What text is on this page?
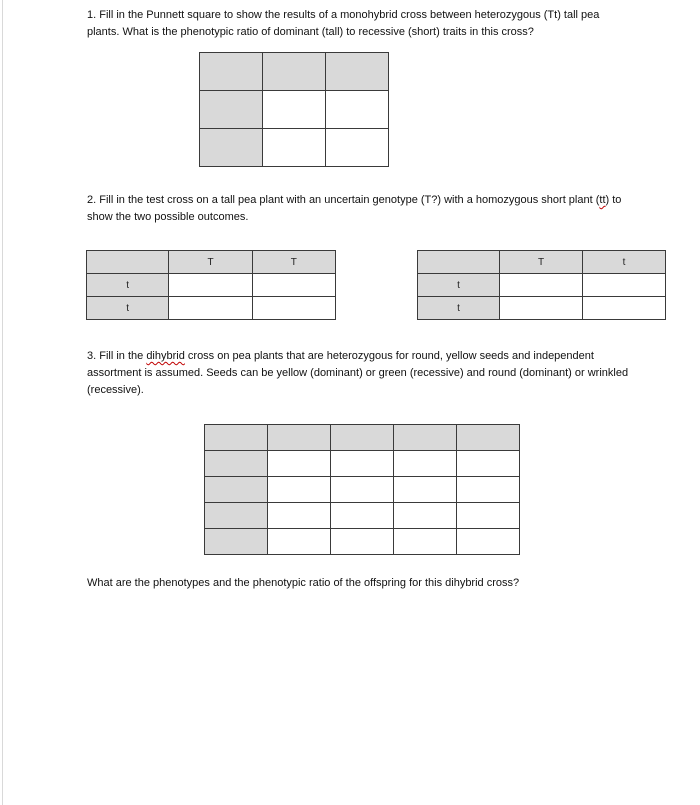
1. Fill in the Punnett square to show the results of a monohybrid cross between heterozygous (Tt) tall pea plants. What is the phenotypic ratio of dominant (tall) to recessive (short) traits in this cross?

2. Fill in the test cross on a tall pea plant with an uncertain genotype (T?) with a homozygous short plant (tt) to show the two possible outcomes.
	T	T
t		
t		
	T	t
t		
t		
3. Fill in the dihybrid cross on pea plants that are heterozygous for round, yellow seeds and independent assortment is assumed. Seeds can be yellow (dominant) or green (recessive) and round (dominant) or wrinkled (recessive).

What are the phenotypes and the phenotypic ratio of the offspring for this dihybrid cross?
